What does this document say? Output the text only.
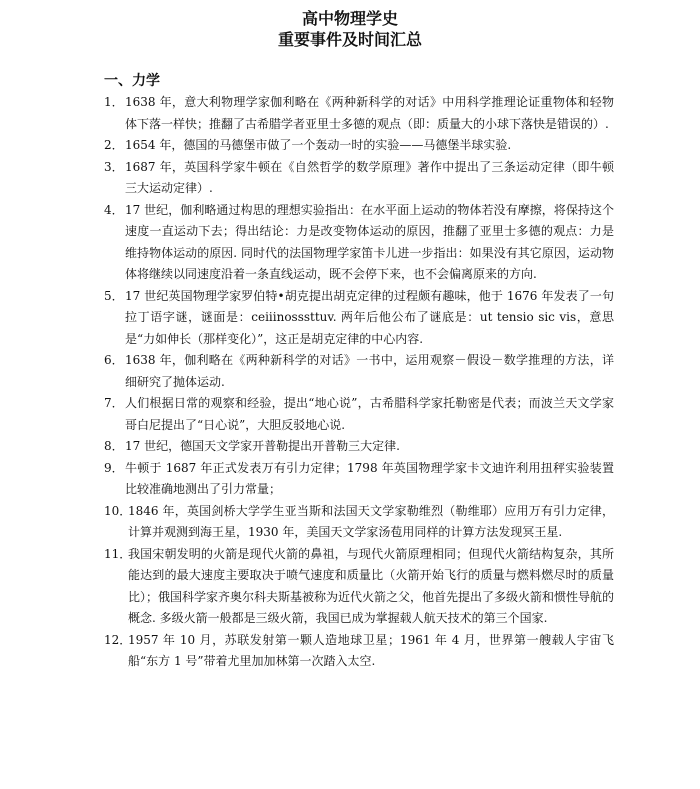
高中物理学史
重要事件及时间汇总
一、力学
1． 1638 年，意大利物理学家伽利略在《两种新科学的对话》中用科学推理论证重物体和轻物体下落一样快；推翻了古希腊学者亚里士多德的观点（即：质量大的小球下落快是错误的）.
2． 1654 年，德国的马德堡市做了一个轰动一时的实验——马德堡半球实验.
3． 1687 年，英国科学家牛顿在《自然哲学的数学原理》著作中提出了三条运动定律（即牛顿三大运动定律）.
4． 17 世纪，伽利略通过构思的理想实验指出：在水平面上运动的物体若没有摩擦，将保持这个速度一直运动下去；得出结论：力是改变物体运动的原因，推翻了亚里士多德的观点：力是维持物体运动的原因. 同时代的法国物理学家笛卡儿进一步指出：如果没有其它原因，运动物体将继续以同速度沿着一条直线运动，既不会停下来，也不会偏离原来的方向.
5． 17 世纪英国物理学家罗伯特•胡克提出胡克定律的过程颇有趣味，他于 1676 年发表了一句拉丁语字谜，谜面是：ceiiinosssttuv. 两年后他公布了谜底是：ut tensio sic vis，意思是“力如伸长（那样变化）”，这正是胡克定律的中心内容.
6． 1638 年，伽利略在《两种新科学的对话》一书中，运用观察－假设－数学推理的方法，详细研究了抛体运动.
7． 人们根据日常的观察和经验，提出“地心说”，古希腊科学家托勒密是代表；而波兰天文学家哥白尼提出了“日心说”，大胆反驳地心说.
8． 17 世纪，德国天文学家开普勒提出开普勒三大定律.
9． 牛顿于 1687 年正式发表万有引力定律；1798 年英国物理学家卡文迪许利用扭秤实验装置比较准确地测出了引力常量；
10．
1846 年，英国剑桥大学学生亚当斯和法国天文学家勒维烈（勒维耶）应用万有引力定律，计算并观测到海王星，1930 年，美国天文学家汤苞用同样的计算方法发现冥王星.
11．
我国宋朝发明的火箭是现代火箭的鼻祖，与现代火箭原理相同；但现代火箭结构复杂，其所能达到的最大速度主要取决于喷气速度和质量比（火箭开始飞行的质量与燃料燃尽时的质量比）；俄国科学家齐奥尔科夫斯基被称为近代火箭之父，他首先提出了多级火箭和惯性导航的概念. 多级火箭一般都是三级火箭，我国已成为掌握载人航天技术的第三个国家.
12．
1957 年 10 月，苏联发射第一颗人造地球卫星；1961 年 4 月，世界第一艘载人宇宙飞船“东方 1 号”带着尤里加加林第一次踏入太空.
